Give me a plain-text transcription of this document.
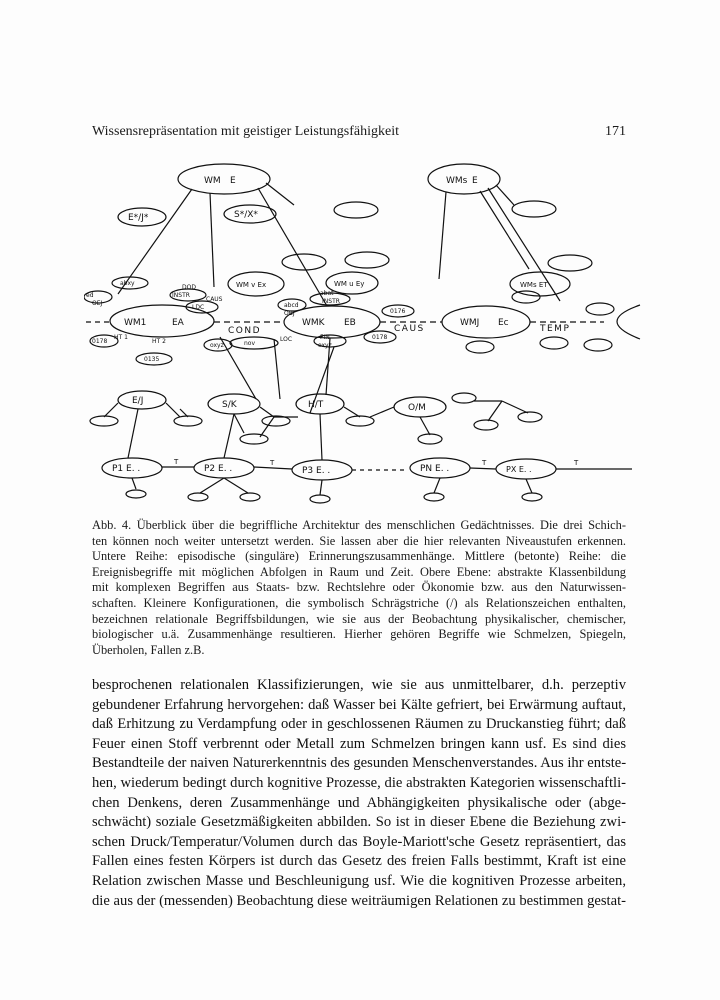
Wissensrepräsentation mit geistiger Leistungsfähigkeit	171
WM E	WMs E
E*/J*	S*/X*
WM v Ex	WM u Ey	WMs ET
WM1	EA	WMK EB	WMJ Ec
COND	CAUS	TEMP
abxy
ed
OEJ
INSTR
LDC
DOD
CAUS
abcd
abat
INSTR
OBJ	0176
0178
FIN
oxyz
oxyz	nov
LOC
0135
0178
HT 1
HT 2
E/J	S/K	H/T	O/M
P1 E. .	P2 E. .	P3 E. .	PN E. .	PX E. .
T	T	T	T
Abb. 4. Überblick über die begriffliche Architektur des menschlichen Gedächtnisses. Die drei Schich-
ten können noch weiter untersetzt werden. Sie lassen aber die hier relevanten Niveaustufen erkennen.
Untere Reihe: episodische (singuläre) Erinnerungszusammenhänge. Mittlere (betonte) Reihe: die
Ereignisbegriffe mit möglichen Abfolgen in Raum und Zeit. Obere Ebene: abstrakte Klassenbildung
mit komplexen Begriffen aus Staats- bzw. Rechtslehre oder Ökonomie bzw. aus den Naturwissen-
schaften. Kleinere Konfigurationen, die symbolisch Schrägstriche (/) als Relationszeichen enthalten,
bezeichnen relationale Begriffsbildungen, wie sie aus der Beobachtung physikalischer, chemischer,
biologischer u.ä. Zusammenhänge resultieren. Hierher gehören Begriffe wie Schmelzen, Spiegeln,
Überholen, Fallen z.B.
besprochenen relationalen Klassifizierungen, wie sie aus unmittelbarer, d.h. perzeptiv
gebundener Erfahrung hervorgehen: daß Wasser bei Kälte gefriert, bei Erwärmung auftaut,
daß Erhitzung zu Verdampfung oder in geschlossenen Räumen zu Druckanstieg führt; daß
Feuer einen Stoff verbrennt oder Metall zum Schmelzen bringen kann usf. Es sind dies
Bestandteile der naiven Naturerkenntnis des gesunden Menschenverstandes. Aus ihr entste-
hen, wiederum bedingt durch kognitive Prozesse, die abstrakten Kategorien wissenschaftli-
chen Denkens, deren Zusammenhänge und Abhängigkeiten physikalische oder (abge-
schwächt) soziale Gesetzmäßigkeiten abbilden. So ist in dieser Ebene die Beziehung zwi-
schen Druck/Temperatur/Volumen durch das Boyle-Mariott'sche Gesetz repräsentiert, das
Fallen eines festen Körpers ist durch das Gesetz des freien Falls bestimmt, Kraft ist eine
Relation zwischen Masse und Beschleunigung usf. Wie die kognitiven Prozesse arbeiten,
die aus der (messenden) Beobachtung diese weiträumigen Relationen zu bestimmen gestat-
